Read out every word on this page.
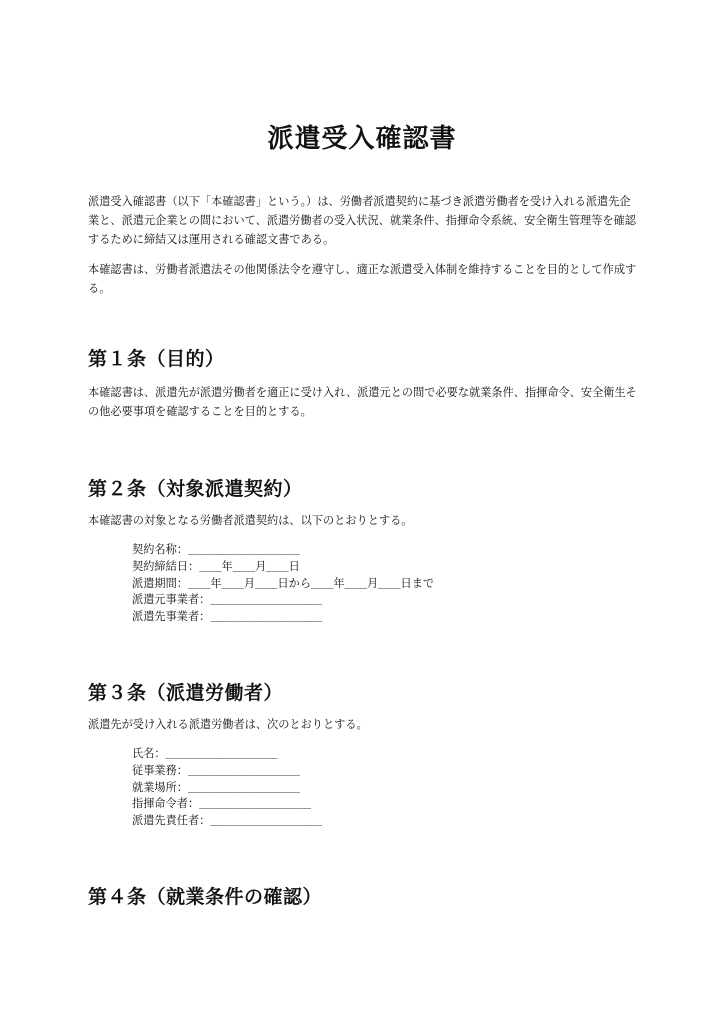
派遣受入確認書

派遣受入確認書（以下「本確認書」という。）は、労働者派遣契約に基づき派遣労働者を受け入れる派遣先企業と、派遣元企業との間において、派遣労働者の受入状況、就業条件、指揮命令系統、安全衛生管理等を確認するために締結又は運用される確認文書である。

本確認書は、労働者派遣法その他関係法令を遵守し、適正な派遣受入体制を維持することを目的として作成する。

第１条（目的）

本確認書は、派遣先が派遣労働者を適正に受け入れ、派遣元との間で必要な就業条件、指揮命令、安全衛生その他必要事項を確認することを目的とする。

第２条（対象派遣契約）

本確認書の対象となる労働者派遣契約は、以下のとおりとする。

契約名称：＿＿＿＿＿＿＿＿＿＿
契約締結日：＿＿年＿＿月＿＿日
派遣期間：＿＿年＿＿月＿＿日から＿＿年＿＿月＿＿日まで
派遣元事業者：＿＿＿＿＿＿＿＿＿＿
派遣先事業者：＿＿＿＿＿＿＿＿＿＿
第３条（派遣労働者）

派遣先が受け入れる派遣労働者は、次のとおりとする。

氏名：＿＿＿＿＿＿＿＿＿＿
従事業務：＿＿＿＿＿＿＿＿＿＿
就業場所：＿＿＿＿＿＿＿＿＿＿
指揮命令者：＿＿＿＿＿＿＿＿＿＿
派遣先責任者：＿＿＿＿＿＿＿＿＿＿
第４条（就業条件の確認）
